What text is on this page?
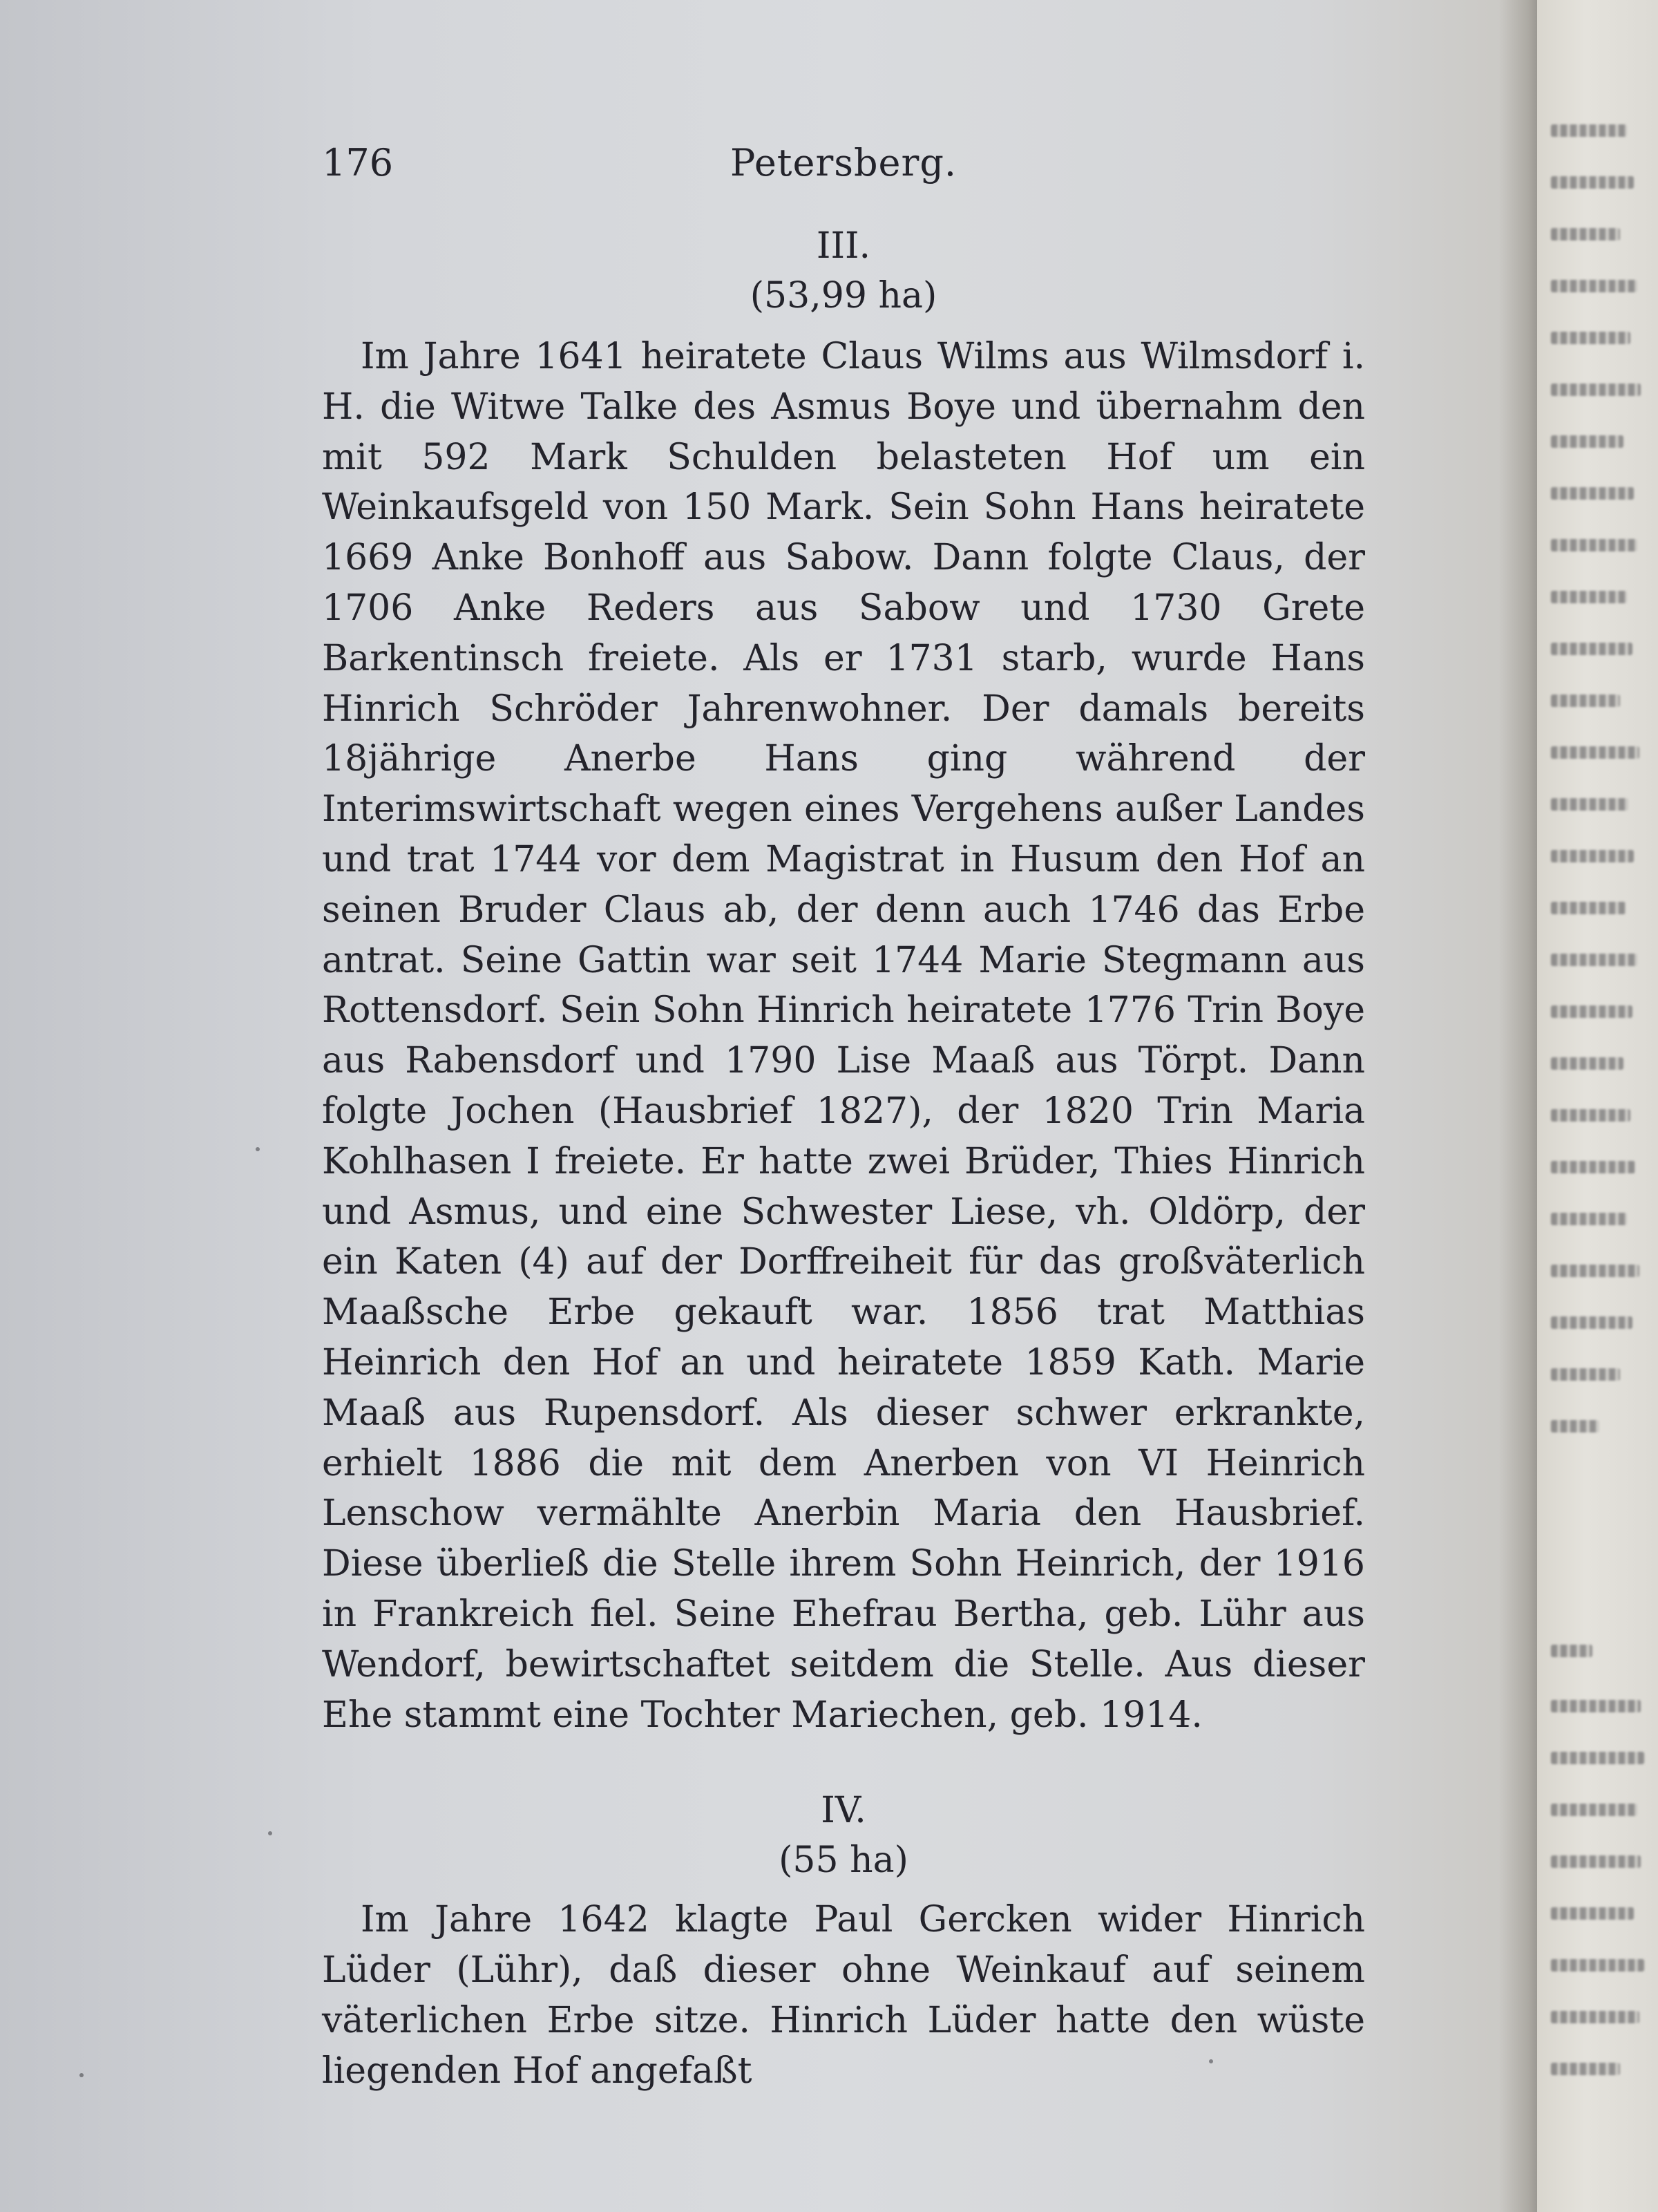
176	Petersberg.

III.

(53,99 ha)

Im Jahre 1641 heiratete Claus Wilms aus Wilmsdorf i. H. die Witwe Talke des Asmus Boye und übernahm den mit 592 Mark Schulden belasteten Hof um ein Weinkaufsgeld von 150 Mark. Sein Sohn Hans heiratete 1669 Anke Bonhoff aus Sabow. Dann folgte Claus, der 1706 Anke Reders aus Sabow und 1730 Grete Barkentinsch freiete. Als er 1731 starb, wurde Hans Hinrich Schröder Jahrenwohner. Der damals bereits 18jährige Anerbe Hans ging während der Interimswirtschaft wegen eines Vergehens außer Landes und trat 1744 vor dem Magistrat in Husum den Hof an seinen Bruder Claus ab, der denn auch 1746 das Erbe antrat. Seine Gattin war seit 1744 Marie Stegmann aus Rottensdorf. Sein Sohn Hinrich heiratete 1776 Trin Boye aus Rabensdorf und 1790 Lise Maaß aus Törpt. Dann folgte Jochen (Hausbrief 1827), der 1820 Trin Maria Kohlhasen I freiete. Er hatte zwei Brüder, Thies Hinrich und Asmus, und eine Schwester Liese, vh. Oldörp, der ein Katen (4) auf der Dorffreiheit für das großväterlich Maaßsche Erbe gekauft war. 1856 trat Matthias Heinrich den Hof an und heiratete 1859 Kath. Marie Maaß aus Rupensdorf. Als dieser schwer erkrankte, erhielt 1886 die mit dem Anerben von VI Heinrich Lenschow vermählte Anerbin Maria den Hausbrief. Diese überließ die Stelle ihrem Sohn Heinrich, der 1916 in Frankreich fiel. Seine Ehefrau Bertha, geb. Lühr aus Wendorf, bewirtschaftet seitdem die Stelle. Aus dieser Ehe stammt eine Tochter Mariechen, geb. 1914.

IV.

(55 ha)

Im Jahre 1642 klagte Paul Gercken wider Hinrich Lüder (Lühr), daß dieser ohne Weinkauf auf seinem väterlichen Erbe sitze. Hinrich Lüder hatte den wüste liegenden Hof angefaßt
